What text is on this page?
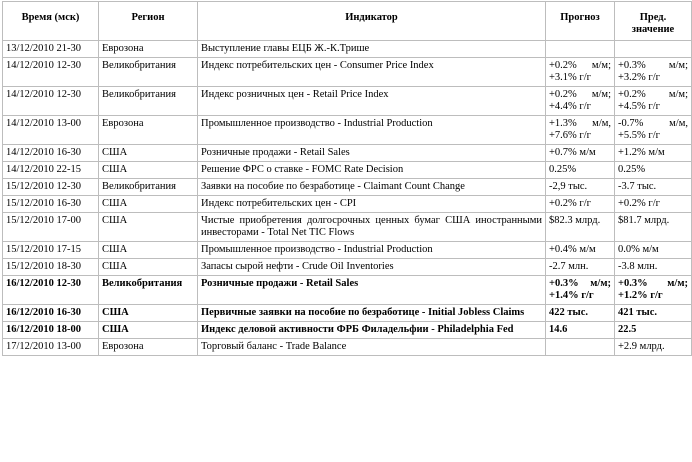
Время (мск)	Регион	Индикатор	Прогноз	Пред. значение
13/12/2010 21-30	Еврозона	Выступление главы ЕЦБ Ж.-К.Трише		
14/12/2010 12-30	Великобритания	Индекс потребительских цен - Consumer Price Index	+0.2% м/м; +3.1% г/г	+0.3% м/м; +3.2% г/г
14/12/2010 12-30	Великобритания	Индекс розничных цен - Retail Price Index	+0.2% м/м; +4.4% г/г	+0.2% м/м; +4.5% г/г
14/12/2010 13-00	Еврозона	Промышленное производство - Industrial Production	+1.3% м/м, +7.6% г/г	-0.7% м/м, +5.5% г/г
14/12/2010 16-30	США	Розничные продажи - Retail Sales	+0.7% м/м	+1.2% м/м
14/12/2010 22-15	США	Решение ФРС о ставке - FOMC Rate Decision	0.25%	0.25%
15/12/2010 12-30	Великобритания	Заявки на пособие по безработице - Claimant Count Change	-2,9 тыс.	-3.7 тыс.
15/12/2010 16-30	США	Индекс потребительских цен - CPI	+0.2% г/г	+0.2% г/г
15/12/2010 17-00	США	Чистые приобретения долгосрочных ценных бумаг США иностранными инвесторами - Total Net TIC Flows	$82.3 млрд.	$81.7 млрд.
15/12/2010 17-15	США	Промышленное производство - Industrial Production	+0.4% м/м	0.0% м/м
15/12/2010 18-30	США	Запасы сырой нефти - Crude Oil Inventories	-2.7 млн.	-3.8 млн.
16/12/2010 12-30	Великобритания	Розничные продажи - Retail Sales	+0.3% м/м; +1.4% г/г	+0.3% м/м; +1.2% г/г
16/12/2010 16-30	США	Первичные заявки на пособие по безработице - Initial Jobless Claims	422 тыс.	421 тыс.
16/12/2010 18-00	США	Индекс деловой активности ФРБ Филадельфии - Philadelphia Fed	14.6	22.5
17/12/2010 13-00	Еврозона	Торговый баланс - Trade Balance		+2.9 млрд.
